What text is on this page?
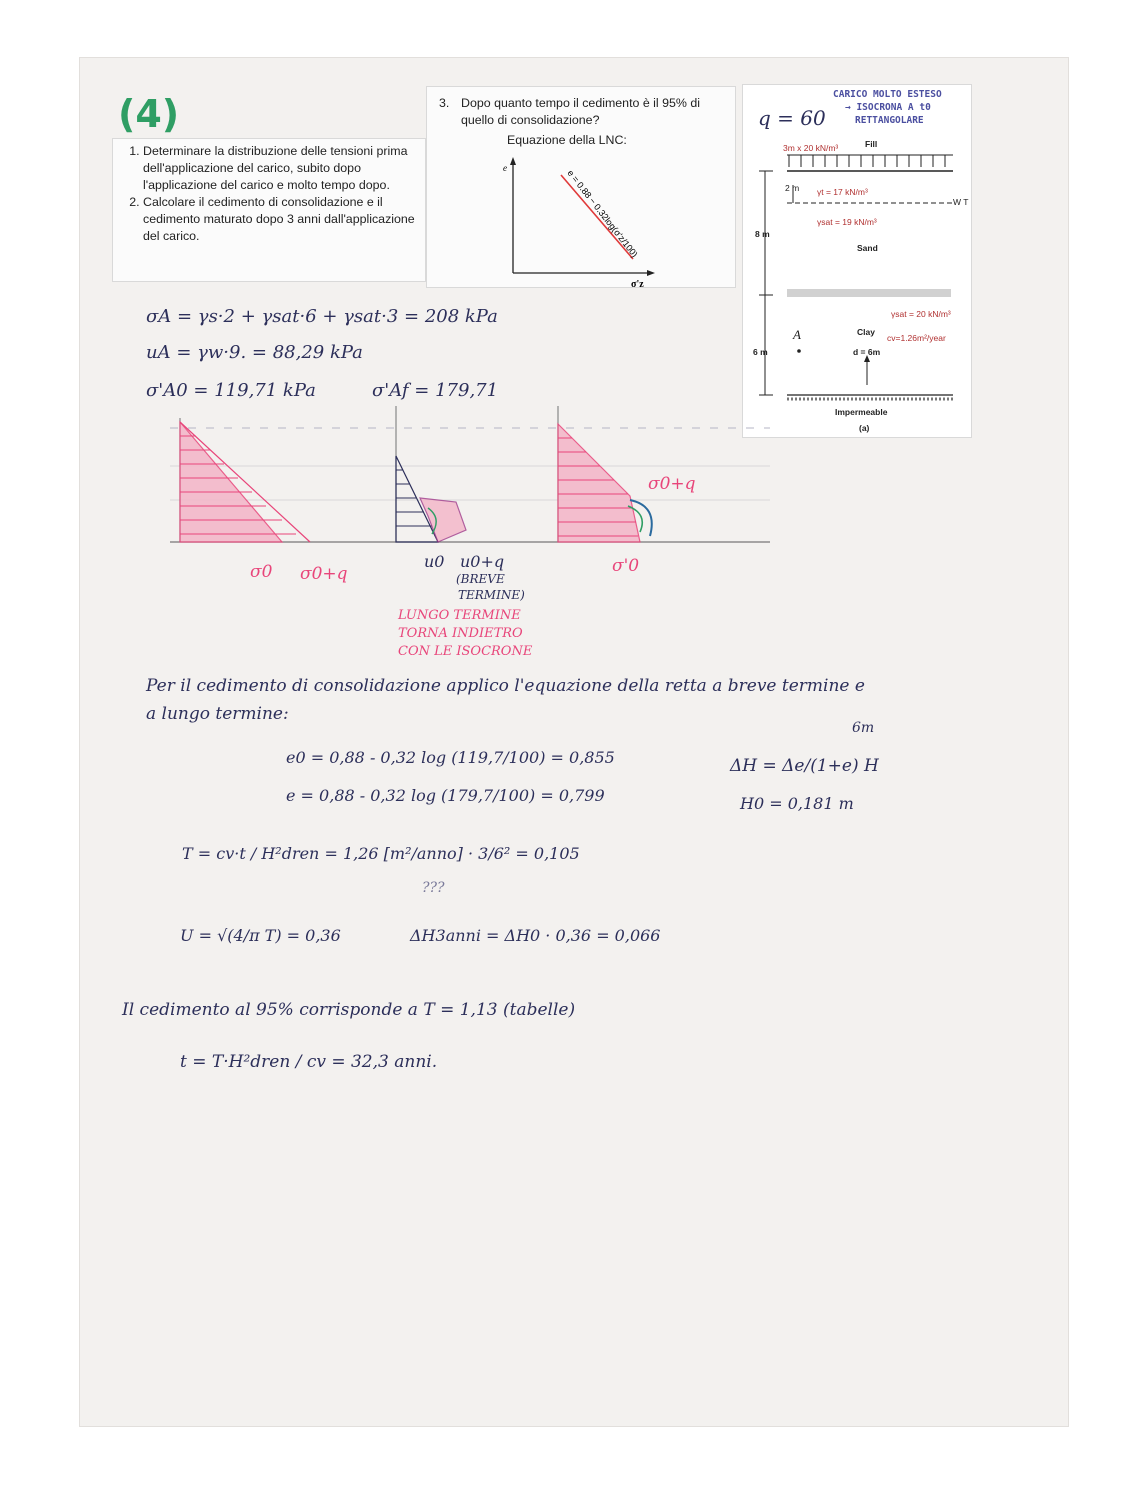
(4)
1. Determinare la distribuzione delle tensioni prima dell'applicazione del carico, subito dopo l'applicazione del carico e molto tempo dopo.
2. Calcolare il cedimento di consolidazione e il cedimento maturato dopo 3 anni dall'applicazione del carico.
3. Dopo quanto tempo il cedimento è il 95% di quello di consolidazione?
Equazione della LNC:
e
σ'z
e = 0.88 − 0.32log(σ'z/100)
CARICO MOLTO ESTESO
→ ISOCRONA A t0
RETTANGOLARE
3m x 20 kN/m³	Fill
2 m γt = 17 kN/m³
W T
γsat = 19 kN/m³
8 m
Sand
γsat = 20 kN/m³
A	Clay
cv=1.26m²/year
6 m	d = 6m
Impermeable
(a)
q = 60
σA = γs·2 + γsat·6 + γsat·3 = 208 kPa
uA = γw·9. = 88,29 kPa
σ'A0 = 119,71 kPa	σ'Af = 179,71
σ0 σ0+q
u0 u0+q
(BREVE
TERMINE)
σ0+q
σ'0
LUNGO TERMINE
TORNA INDIETRO
CON LE ISOCRONE
Per il cedimento di consolidazione applico l'equazione della retta a breve termine e
a lungo termine:
e0 = 0,88 - 0,32 log (119,7/100) = 0,855
e = 0,88 - 0,32 log (179,7/100) = 0,799
6m
ΔH = Δe/(1+e) H
H0 = 0,181 m
T = cv·t / H²dren = 1,26 [m²/anno] · 3/6² = 0,105
???
U = √(4/π T) = 0,36	ΔH3anni = ΔH0 · 0,36 = 0,066
Il cedimento al 95% corrisponde a T = 1,13 (tabelle)
t = T·H²dren / cv = 32,3 anni.
